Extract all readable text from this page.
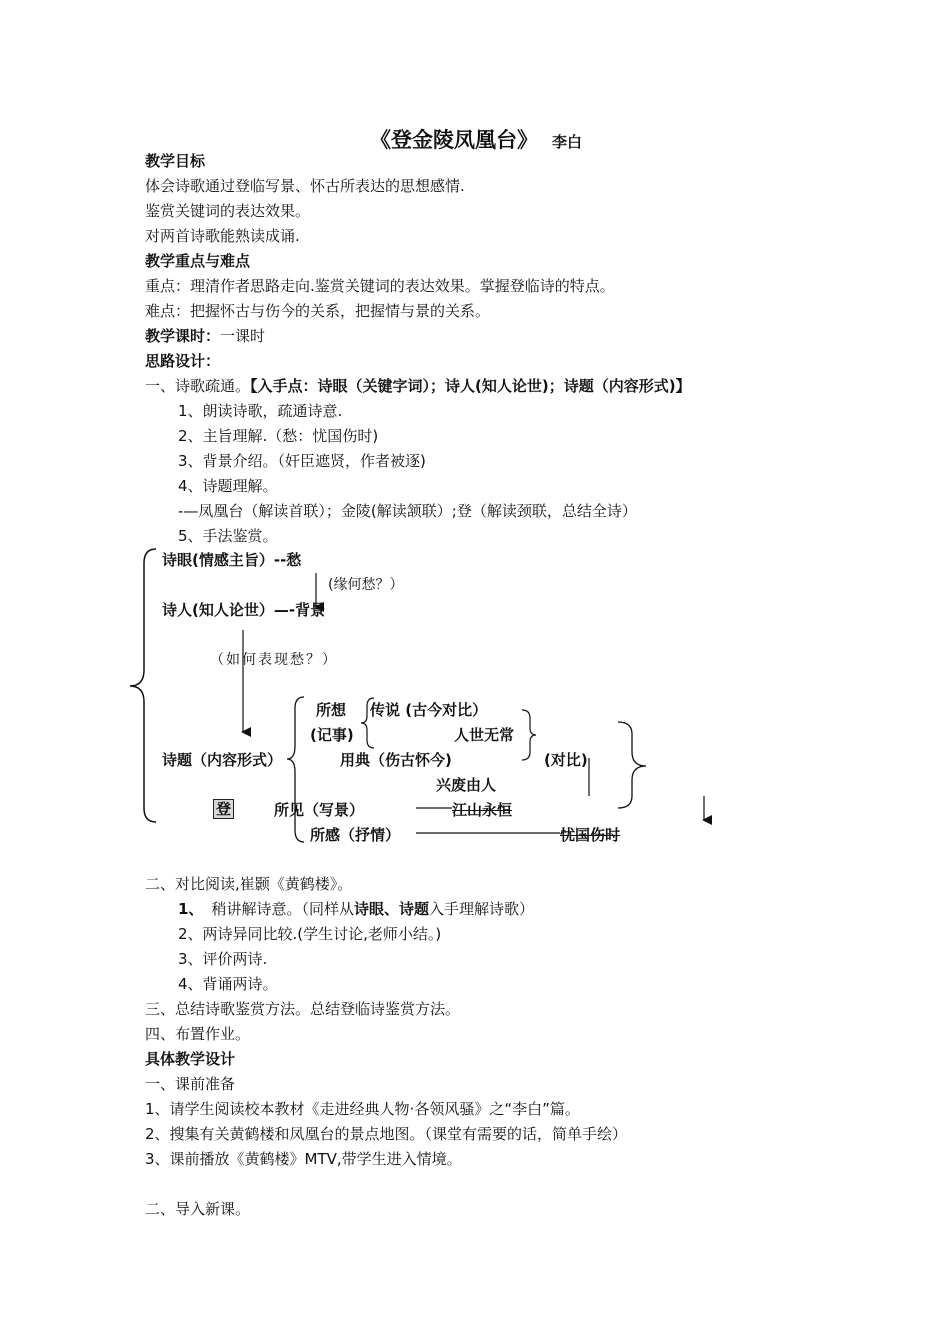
《登金陵凤凰台》 李白
教学目标
体会诗歌通过登临写景、怀古所表达的思想感情.
鉴赏关键词的表达效果。
对两首诗歌能熟读成诵.
教学重点与难点
重点：理清作者思路走向.鉴赏关键词的表达效果。掌握登临诗的特点。
难点：把握怀古与伤今的关系，把握情与景的关系。
教学课时：一课时
思路设计：
一、诗歌疏通。【入手点：诗眼（关键字词）；诗人(知人论世)；诗题（内容形式)】
1、朗读诗歌，疏通诗意.
2、主旨理解.（愁：忧国伤时)
3、背景介绍。（奸臣遮贤，作者被逐)
4、诗题理解。
-—凤凰台（解读首联）；金陵(解读颔联）;登（解读颈联，总结全诗）
5、手法鉴赏。
诗眼(情感主旨）--愁
(缘何愁？）
诗人(知人论世）—-背景
（如何表现愁？）
所想 传说 (古今对比）
(记事)	人世无常
诗题（内容形式）	用典（伤古怀今)	(对比)
兴废由人
登	所见（写景）	江山永恒
所感（抒情）	忧国伤时
二、对比阅读,崔颢《黄鹤楼》。
1、 稍讲解诗意。（同样从诗眼、诗题入手理解诗歌）
2、两诗异同比较.(学生讨论,老师小结。)
3、评价两诗.
4、背诵两诗。
三、总结诗歌鉴赏方法。总结登临诗鉴赏方法。
四、布置作业。
具体教学设计
一、课前准备
1、请学生阅读校本教材《走进经典人物·各领风骚》之“李白”篇。
2、搜集有关黄鹤楼和凤凰台的景点地图。（课堂有需要的话，简单手绘）
3、课前播放《黄鹤楼》MTV,带学生进入情境。
二、导入新课。
